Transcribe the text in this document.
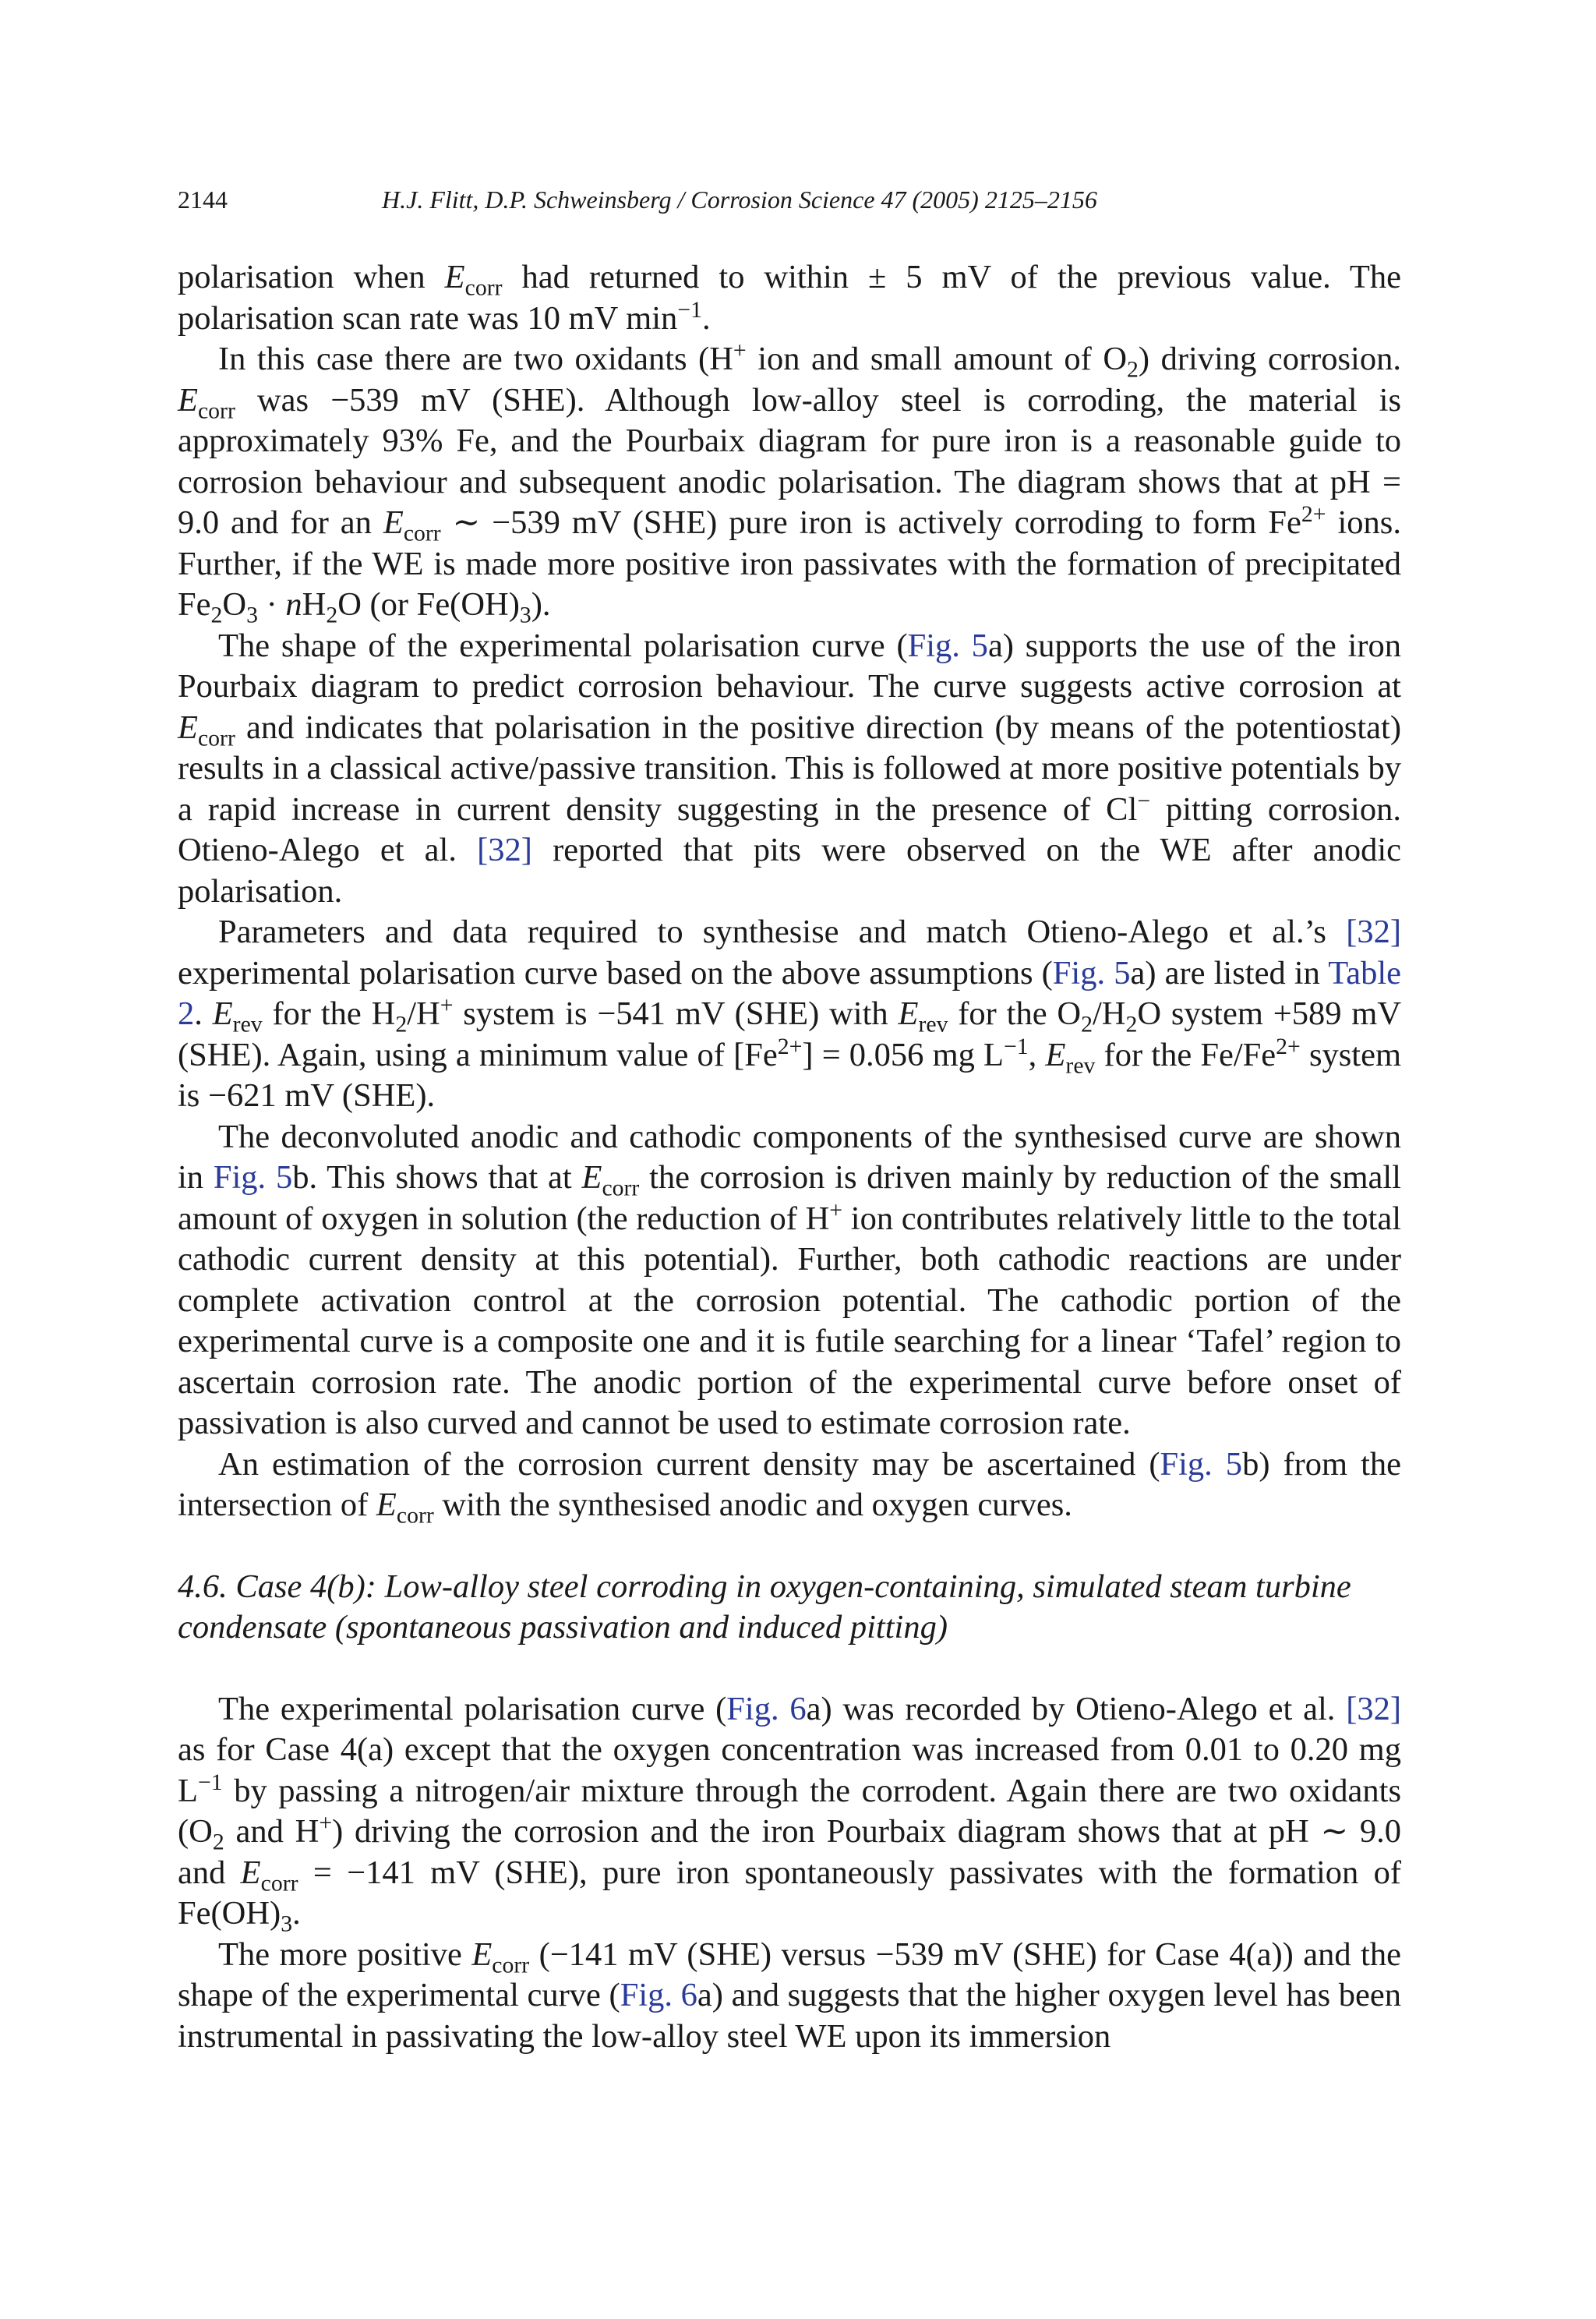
2144	H.J. Flitt, D.P. Schweinsberg / Corrosion Science 47 (2005) 2125–2156

polarisation when $E_{corr}$ had returned to within ± 5 mV of the previous value. The polarisation scan rate was 10 mV $\min^{-1}$.

In this case there are two oxidants (H+ ion and small amount of $O_2$) driving corrosion. $E_{corr}$ was −539 mV (SHE). Although low-alloy steel is corroding, the material is approximately 93% Fe, and the Pourbaix diagram for pure iron is a reasonable guide to corrosion behaviour and subsequent anodic polarisation. The diagram shows that at pH = 9.0 and for an $E_{corr}$ ∼ −539 mV (SHE) pure iron is actively corroding to form $Fe^{2+}$ ions. Further, if the WE is made more positive iron passivates with the formation of precipitated $Fe_2O_3 \cdot nH_2O$ (or $Fe(OH)_3$).

The shape of the experimental polarisation curve (Fig. 5a) supports the use of the iron Pourbaix diagram to predict corrosion behaviour. The curve suggests active corrosion at $E_{corr}$ and indicates that polarisation in the positive direction (by means of the potentiostat) results in a classical active/passive transition. This is followed at more positive potentials by a rapid increase in current density suggesting in the presence of Cl− pitting corrosion. Otieno-Alego et al. [32] reported that pits were observed on the WE after anodic polarisation.

Parameters and data required to synthesise and match Otieno-Alego et al.’s [32] experimental polarisation curve based on the above assumptions (Fig. 5a) are listed in Table 2. $E_{rev}$ for the $H_2/H^+$ system is −541 mV (SHE) with $E_{rev}$ for the $O_2/H_2O$ system +589 mV (SHE). Again, using a minimum value of $[Fe^{2+}] = 0.056$ mg $L^{-1}$, $E_{rev}$ for the $Fe/Fe^{2+}$ system is −621 mV (SHE).

The deconvoluted anodic and cathodic components of the synthesised curve are shown in Fig. 5b. This shows that at $E_{corr}$ the corrosion is driven mainly by reduction of the small amount of oxygen in solution (the reduction of H+ ion contributes relatively little to the total cathodic current density at this potential). Further, both cathodic reactions are under complete activation control at the corrosion potential. The cathodic portion of the experimental curve is a composite one and it is futile searching for a linear ‘Tafel’ region to ascertain corrosion rate. The anodic portion of the experimental curve before onset of passivation is also curved and cannot be used to estimate corrosion rate.

An estimation of the corrosion current density may be ascertained (Fig. 5b) from the intersection of $E_{corr}$ with the synthesised anodic and oxygen curves.

4.6. Case 4(b): Low-alloy steel corroding in oxygen-containing, simulated steam turbine condensate (spontaneous passivation and induced pitting)

The experimental polarisation curve (Fig. 6a) was recorded by Otieno-Alego et al. [32] as for Case 4(a) except that the oxygen concentration was increased from 0.01 to 0.20 mg $L^{-1}$ by passing a nitrogen/air mixture through the corrodent. Again there are two oxidants ($O_2$ and H+) driving the corrosion and the iron Pourbaix diagram shows that at pH ∼ 9.0 and $E_{corr} = -141$ mV (SHE), pure iron spontaneously passivates with the formation of $Fe(OH)_3$.

The more positive $E_{corr}$ (−141 mV (SHE) versus −539 mV (SHE) for Case 4(a)) and the shape of the experimental curve (Fig. 6a) and suggests that the higher oxygen level has been instrumental in passivating the low-alloy steel WE upon its immersion
